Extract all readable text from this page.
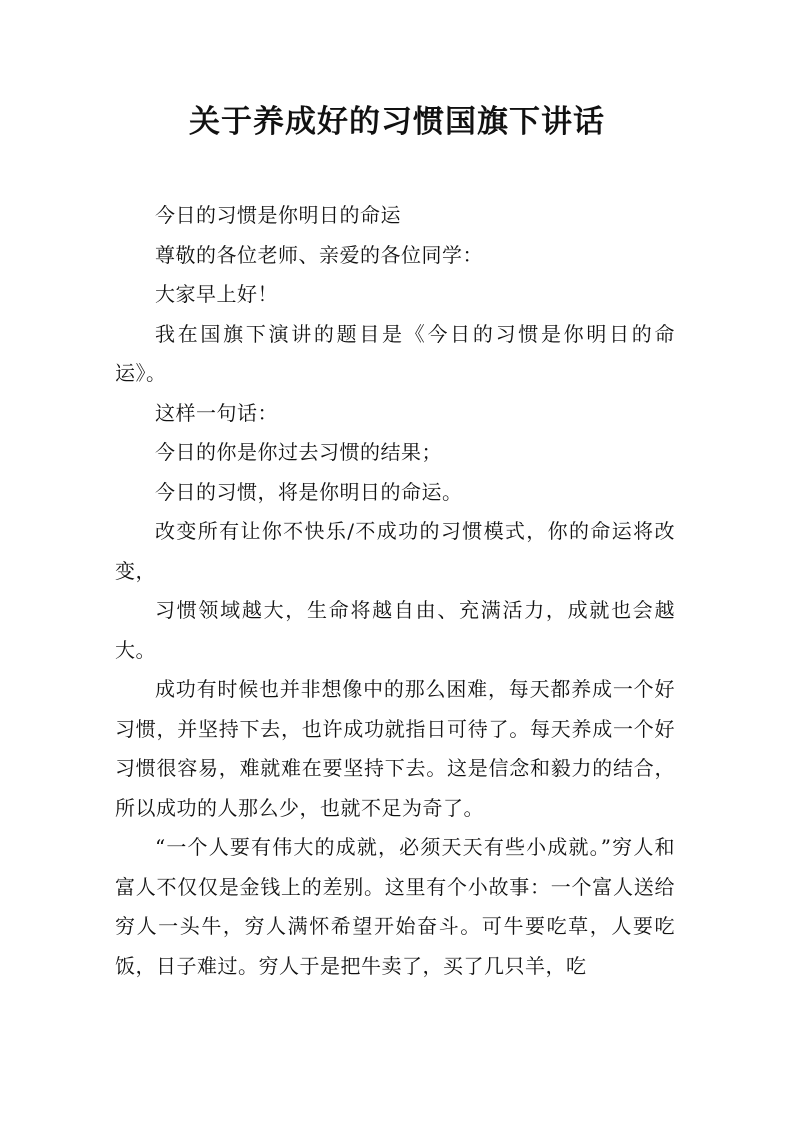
关于养成好的习惯国旗下讲话

今日的习惯是你明日的命运

尊敬的各位老师、亲爱的各位同学：

大家早上好！

我在国旗下演讲的题目是《今日的习惯是你明日的命运》。

这样一句话：

今日的你是你过去习惯的结果；

今日的习惯，将是你明日的命运。

改变所有让你不快乐/不成功的习惯模式，你的命运将改变，

习惯领域越大，生命将越自由、充满活力，成就也会越大。

成功有时候也并非想像中的那么困难，每天都养成一个好习惯，并坚持下去，也许成功就指日可待了。每天养成一个好习惯很容易，难就难在要坚持下去。这是信念和毅力的结合，所以成功的人那么少，也就不足为奇了。

“一个人要有伟大的成就，必须天天有些小成就。”穷人和富人不仅仅是金钱上的差别。这里有个小故事：一个富人送给穷人一头牛，穷人满怀希望开始奋斗。可牛要吃草，人要吃饭，日子难过。穷人于是把牛卖了，买了几只羊，吃
